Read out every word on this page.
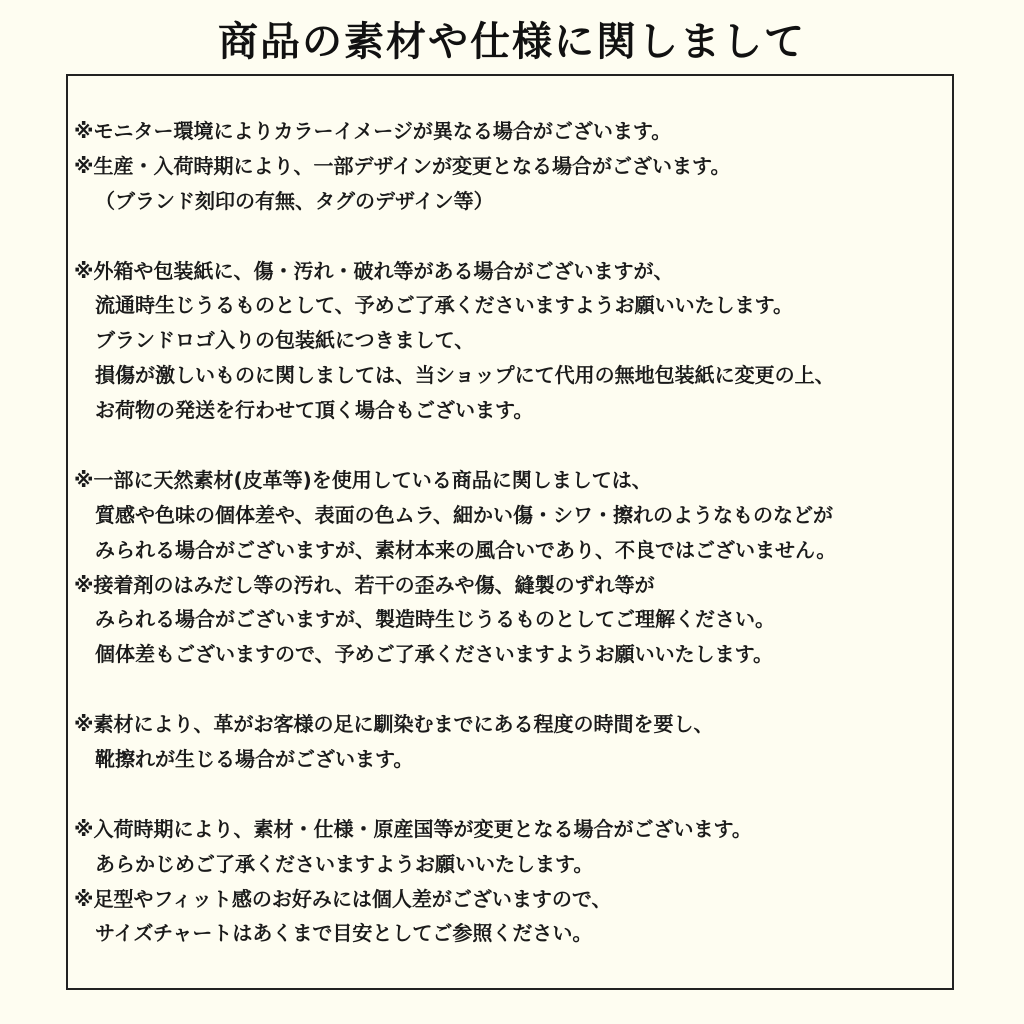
商品の素材や仕様に関しまして
※モニター環境によりカラーイメージが異なる場合がございます。
※生産・入荷時期により、一部デザインが変更となる場合がございます。
（ブランド刻印の有無、タグのデザイン等）
※外箱や包装紙に、傷・汚れ・破れ等がある場合がございますが、
流通時生じうるものとして、予めご了承くださいますようお願いいたします。
ブランドロゴ入りの包装紙につきまして、
損傷が激しいものに関しましては、当ショップにて代用の無地包装紙に変更の上、
お荷物の発送を行わせて頂く場合もございます。
※一部に天然素材(皮革等)を使用している商品に関しましては、
質感や色味の個体差や、表面の色ムラ、細かい傷・シワ・擦れのようなものなどが
みられる場合がございますが、素材本来の風合いであり、不良ではございません。
※接着剤のはみだし等の汚れ、若干の歪みや傷、縫製のずれ等が
みられる場合がございますが、製造時生じうるものとしてご理解ください。
個体差もございますので、予めご了承くださいますようお願いいたします。
※素材により、革がお客様の足に馴染むまでにある程度の時間を要し、
靴擦れが生じる場合がございます。
※入荷時期により、素材・仕様・原産国等が変更となる場合がございます。
あらかじめご了承くださいますようお願いいたします。
※足型やフィット感のお好みには個人差がございますので、
サイズチャートはあくまで目安としてご参照ください。
